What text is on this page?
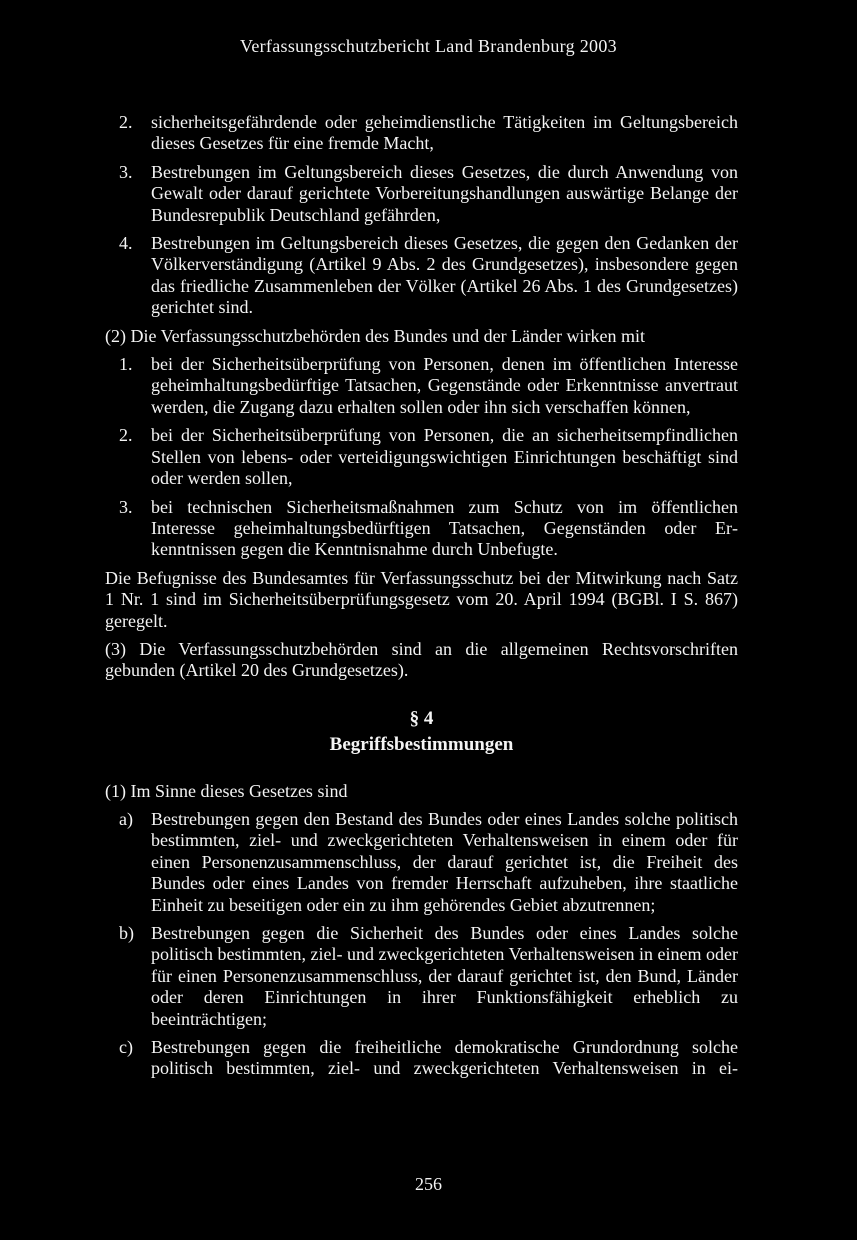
Verfassungsschutzbericht Land Brandenburg 2003
2.	sicherheitsgefährdende oder geheimdienstliche Tätigkeiten im Geltungsbereich dieses Gesetzes für eine fremde Macht,
3.	Bestrebungen im Geltungsbereich dieses Gesetzes, die durch Anwendung von Gewalt oder darauf gerichtete Vorbereitungshandlungen auswärtige Belange der Bundesrepublik Deutschland gefährden,
4.	Bestrebungen im Geltungsbereich dieses Gesetzes, die gegen den Gedanken der Völkerverständigung (Artikel 9 Abs. 2 des Grundgesetzes), insbesondere gegen das friedliche Zusammenleben der Völker (Artikel 26 Abs. 1 des Grundgesetzes) gerichtet sind.

(2) Die Verfassungsschutzbehörden des Bundes und der Länder wirken mit

1.	bei der Sicherheitsüberprüfung von Personen, denen im öffentlichen Interesse geheimhaltungsbedürftige Tatsachen, Gegenstände oder Erkenntnisse anvertraut werden, die Zugang dazu erhalten sollen oder ihn sich verschaffen können,
2.	bei der Sicherheitsüberprüfung von Personen, die an sicherheitsempfindlichen Stellen von lebens- oder verteidigungswichtigen Einrichtungen beschäftigt sind oder werden sollen,
3.	bei technischen Sicherheitsmaßnahmen zum Schutz von im öffentlichen Interesse geheimhaltungsbedürftigen Tatsachen, Gegenständen oder Erkenntnissen gegen die Kenntnisnahme durch Unbefugte.

Die Befugnisse des Bundesamtes für Verfassungsschutz bei der Mitwirkung nach Satz 1 Nr. 1 sind im Sicherheitsüberprüfungsgesetz vom 20. April 1994 (BGBl. I S. 867) geregelt.

(3) Die Verfassungsschutzbehörden sind an die allgemeinen Rechtsvorschriften gebunden (Artikel 20 des Grundgesetzes).

§ 4
Begriffsbestimmungen

(1) Im Sinne dieses Gesetzes sind

a)	Bestrebungen gegen den Bestand des Bundes oder eines Landes solche politisch bestimmten, ziel- und zweckgerichteten Verhaltensweisen in einem oder für einen Personenzusammenschluss, der darauf gerichtet ist, die Freiheit des Bundes oder eines Landes von fremder Herrschaft aufzuheben, ihre staatliche Einheit zu beseitigen oder ein zu ihm gehörendes Gebiet abzutrennen;
b) Bestrebungen gegen die Sicherheit des Bundes oder eines Landes solche politisch bestimmten, ziel- und zweckgerichteten Verhaltensweisen in einem oder für einen Personenzusammenschluss, der darauf gerichtet ist, den Bund, Länder oder deren Einrichtungen in ihrer Funktionsfähigkeit erheblich zu beeinträchtigen;
c)	Bestrebungen gegen die freiheitliche demokratische Grundordnung solche politisch bestimmten, ziel- und zweckgerichteten Verhaltensweisen in ei-
256
